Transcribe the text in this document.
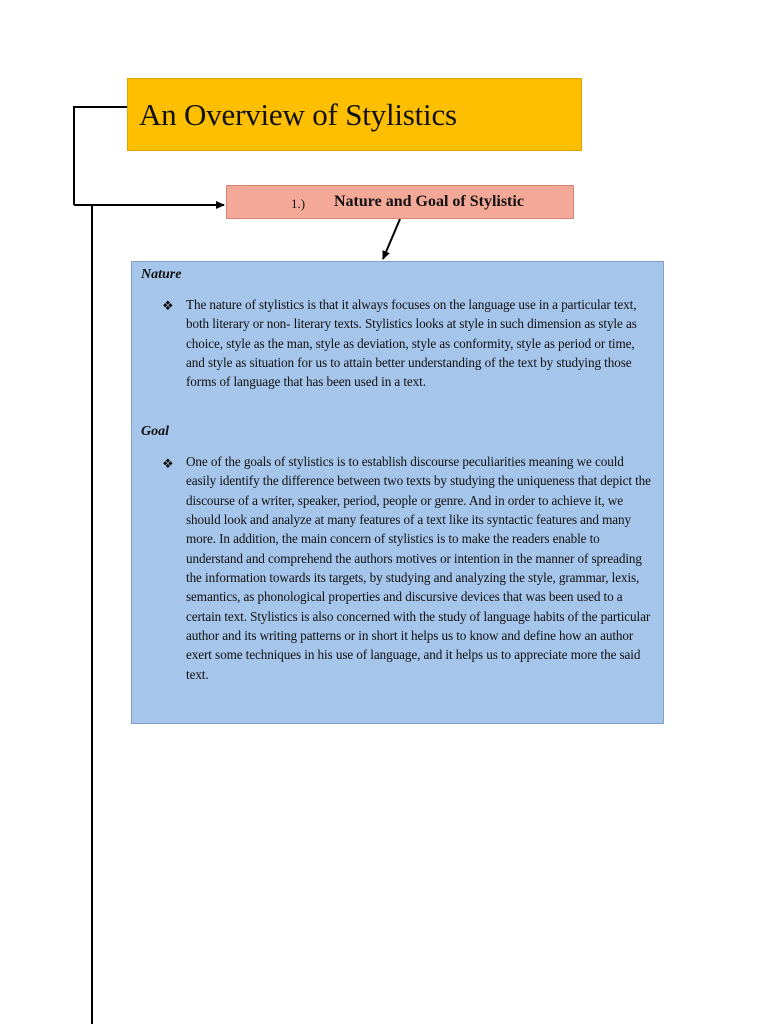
An Overview of Stylistics
1.) Nature and Goal of Stylistic
Nature
❖ The nature of stylistics is that it always focuses on the language use in a particular text, both literary or non- literary texts. Stylistics looks at style in such dimension as style as choice, style as the man, style as deviation, style as conformity, style as period or time, and style as situation for us to attain better understanding of the text by studying those forms of language that has been used in a text.

Goal
❖ One of the goals of stylistics is to establish discourse peculiarities meaning we could easily identify the difference between two texts by studying the uniqueness that depict the discourse of a writer, speaker, period, people or genre. And in order to achieve it, we should look and analyze at many features of a text like its syntactic features and many more. In addition, the main concern of stylistics is to make the readers enable to understand and comprehend the authors motives or intention in the manner of spreading the information towards its targets, by studying and analyzing the style, grammar, lexis, semantics, as phonological properties and discursive devices that was been used to a certain text. Stylistics is also concerned with the study of language habits of the particular author and its writing patterns or in short it helps us to know and define how an author exert some techniques in his use of language, and it helps us to appreciate more the said text.
